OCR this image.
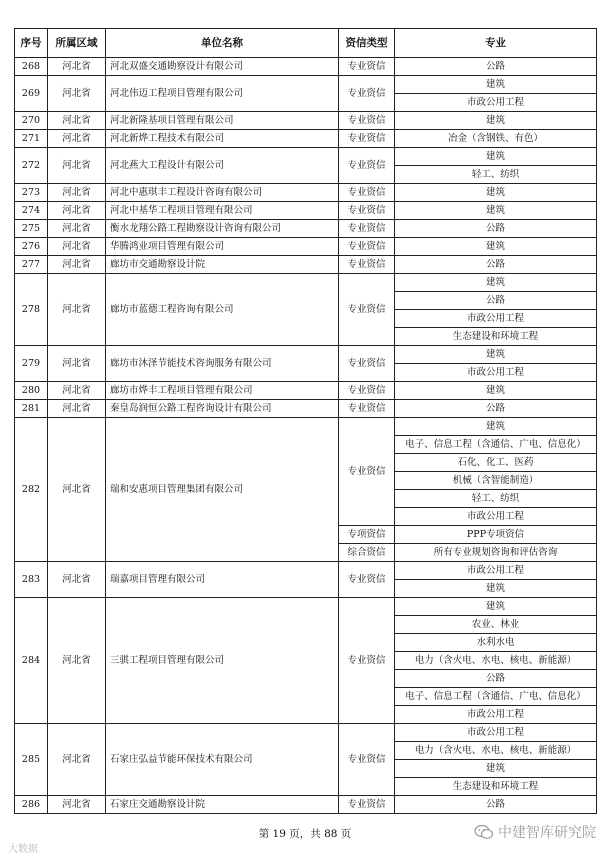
序号	所属区域	单位名称	资信类型	专业
268	河北省	河北双盛交通勘察设计有限公司	专业资信	公路
269	河北省	河北伟迈工程项目管理有限公司	专业资信	建筑
				市政公用工程
270	河北省	河北新隆基项目管理有限公司	专业资信	建筑
271	河北省	河北新烨工程技术有限公司	专业资信	冶金（含钢铁、有色）
272	河北省	河北燕大工程设计有限公司	专业资信	建筑
				轻工、纺织
273	河北省	河北中惠琪丰工程设计咨询有限公司	专业资信	建筑
274	河北省	河北中基华工程项目管理有限公司	专业资信	建筑
275	河北省	衡水龙翔公路工程勘察设计咨询有限公司	专业资信	公路
276	河北省	华腾鸿业项目管理有限公司	专业资信	建筑
277	河北省	廊坊市交通勘察设计院	专业资信	公路
278	河北省	廊坊市蓝德工程咨询有限公司	专业资信	建筑
				公路
				市政公用工程
				生态建设和环境工程
279	河北省	廊坊市沐泽节能技术咨询服务有限公司	专业资信	建筑
				市政公用工程
280	河北省	廊坊市烨丰工程项目管理有限公司	专业资信	建筑
281	河北省	秦皇岛润恒公路工程咨询设计有限公司	专业资信	公路
282	河北省	瑞和安惠项目管理集团有限公司	专业资信	建筑
				电子、信息工程（含通信、广电、信息化）
				石化、化工、医药
				机械（含智能制造）
				轻工、纺织
				市政公用工程
			专项资信	PPP专项资信
			综合资信	所有专业规划咨询和评估咨询
283	河北省	瑞嘉项目管理有限公司	专业资信	市政公用工程
				建筑
284	河北省	三骐工程项目管理有限公司	专业资信	建筑
				农业、林业
				水利水电
				电力（含火电、水电、核电、新能源）
				公路
				电子、信息工程（含通信、广电、信息化）
				市政公用工程
285	河北省	石家庄弘益节能环保技术有限公司	专业资信	市政公用工程
				电力（含火电、水电、核电、新能源）
				建筑
				生态建设和环境工程
286	河北省	石家庄交通勘察设计院	专业资信	公路
大数据
第 19 页，共 88 页	中建智库研究院
